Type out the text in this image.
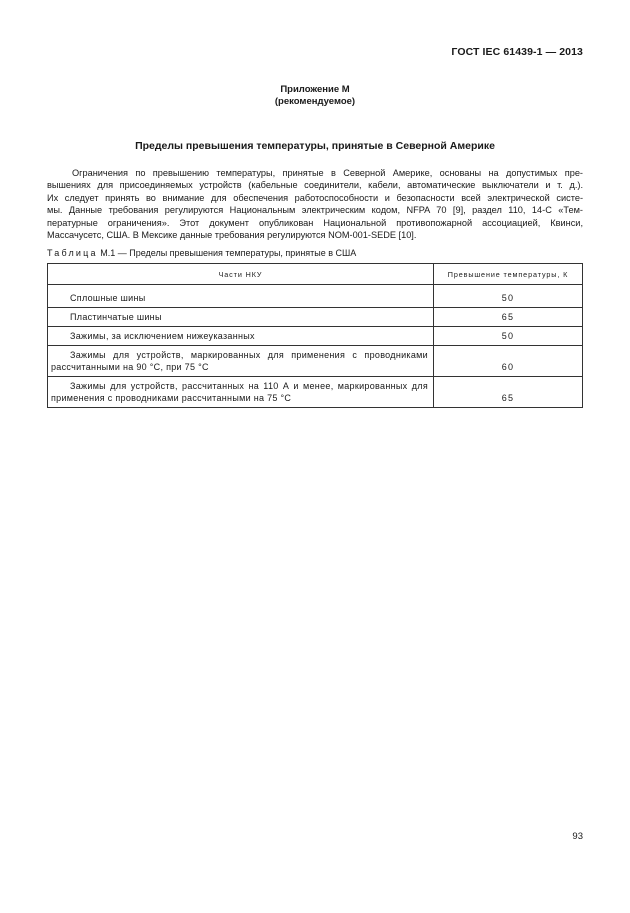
ГОСТ IEC 61439-1 — 2013
Приложение М
(рекомендуемое)
Пределы превышения температуры, принятые в Северной Америке
Ограничения по превышению температуры, принятые в Северной Америке, основаны на допустимых пре-
вышениях для присоединяемых устройств (кабельные соединители, кабели, автоматические выключатели и т. д.).
Их следует принять во внимание для обеспечения работоспособности и безопасности всей электрической систе-
мы. Данные требования регулируются Национальным электрическим кодом, NFPA 70 [9], раздел 110, 14-С «Тем-
пературные ограничения». Этот документ опубликован Национальной противопожарной ассоциацией, Квинси,
Массачусетс, США. В Мексике данные требования регулируются NOM-001-SEDE [10].
Таблица М.1 — Пределы превышения температуры, принятые в США
Части НКУ	Превышение температуры, К
Сплошные шины	50
Пластинчатые шины	65
Зажимы, за исключением нижеуказанных	50
Зажимы для устройств, маркированных для применения с проводниками рассчитанными на 90 °С, при 75 °С	60
Зажимы для устройств, рассчитанных на 110 А и менее, маркированных для применения с проводниками рассчитанными на 75 °С	65
93
